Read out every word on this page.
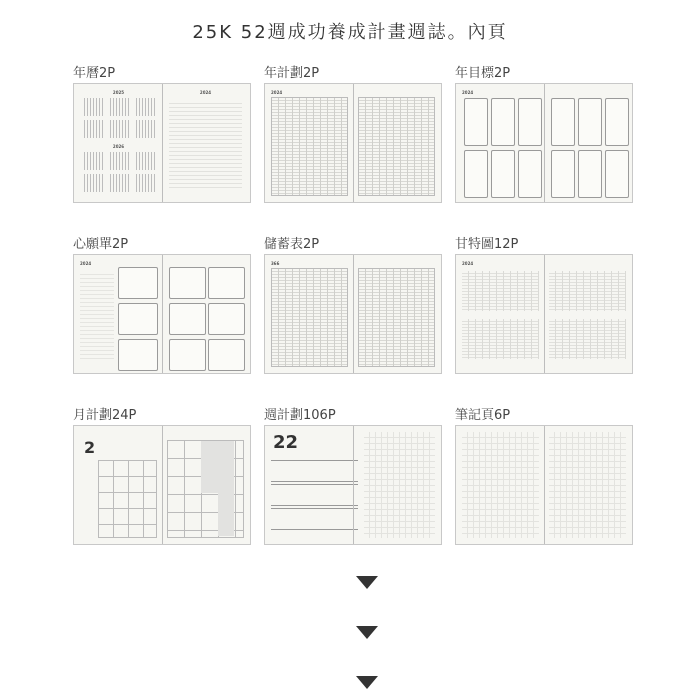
25K 52週成功養成計畫週誌。內頁
年曆2P
2025
2026
2024
年計劃2P
2024
年目標2P
2024
心願單2P
2024
儲蓄表2P
366
甘特圖12P
2024
月計劃24P
2
週計劃106P
22
筆記頁6P
